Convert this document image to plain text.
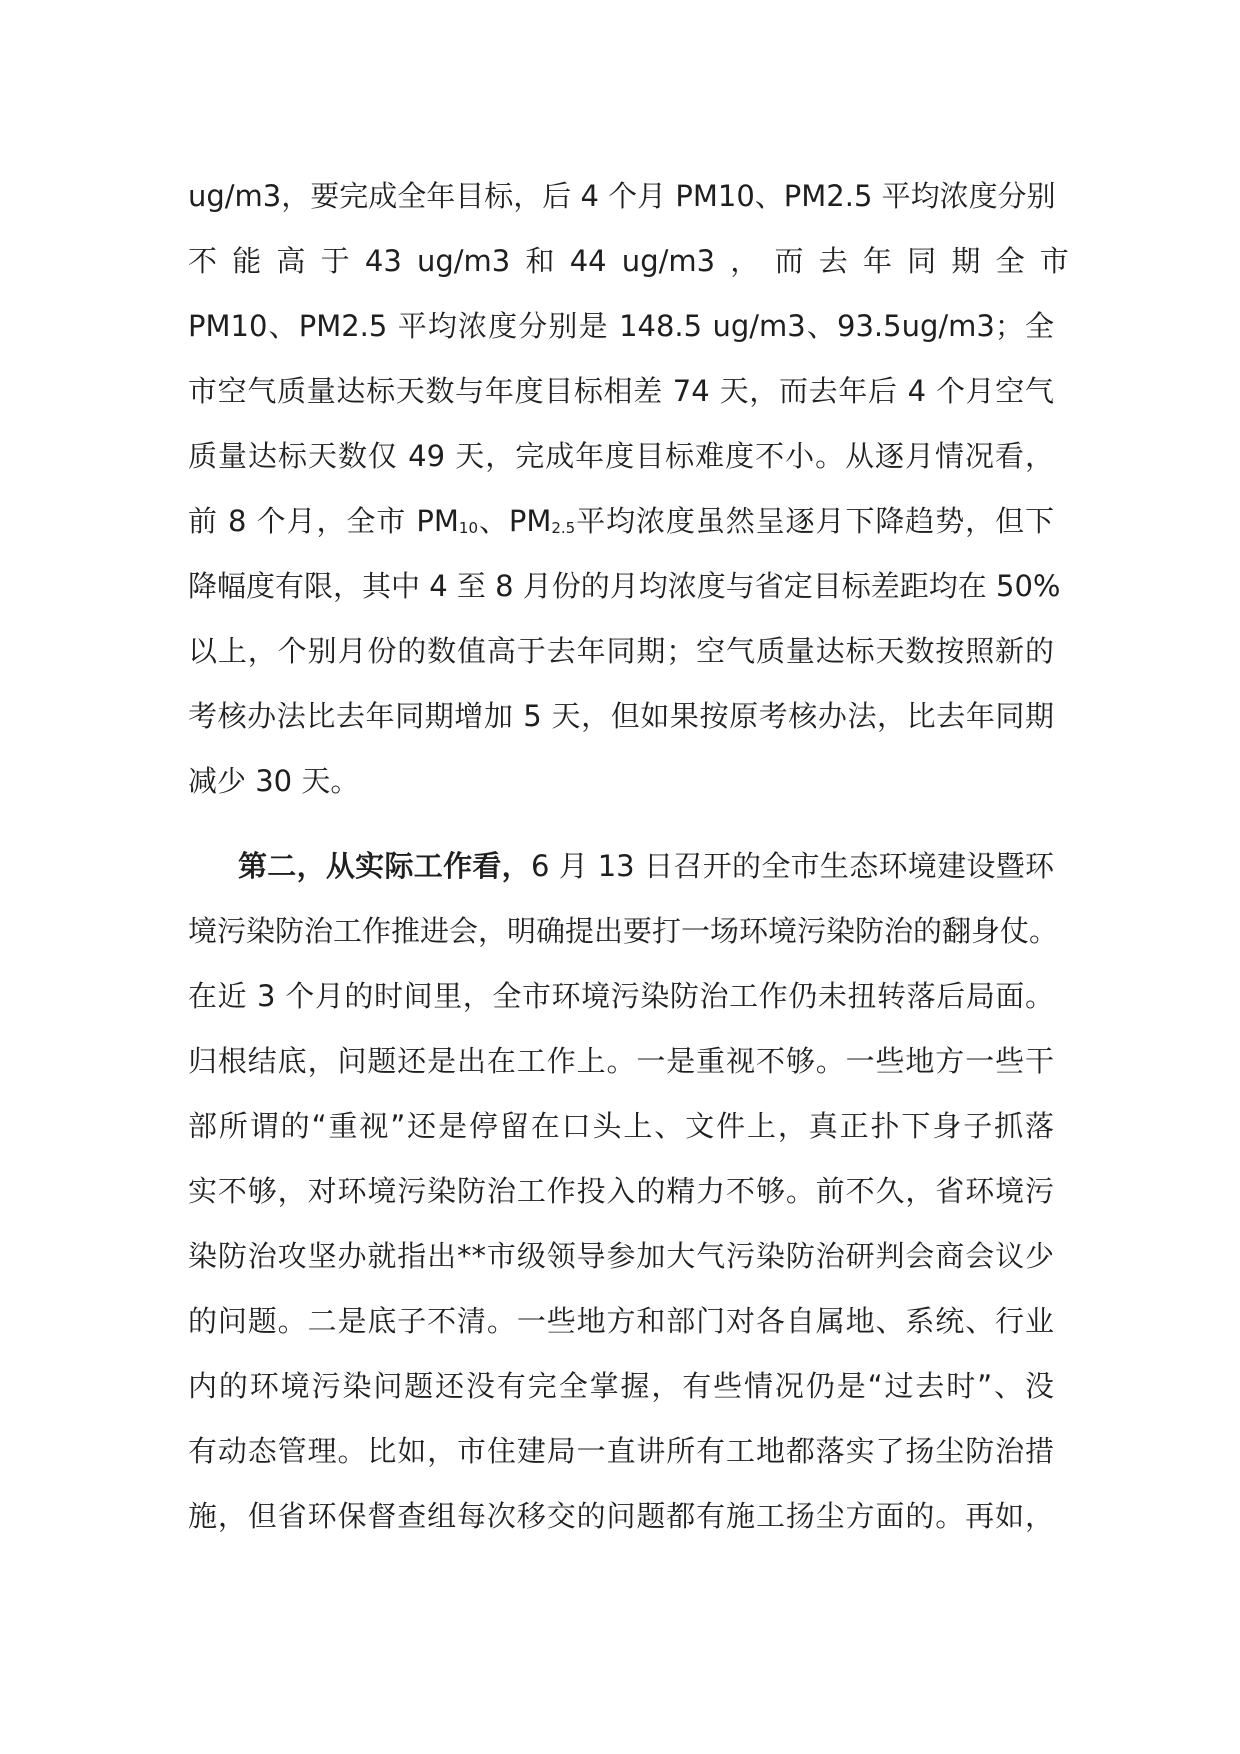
ug/m3，要完成全年目标，后 4 个月 PM10、PM2.5 平均浓度分别
不 能 高 于 43 ug/m3 和 44 ug/m3 ， 而 去 年 同 期 全 市
PM10、PM2.5 平均浓度分别是 148.5 ug/m3、93.5ug/m3；全
市空气质量达标天数与年度目标相差 74 天，而去年后 4 个月空气
质量达标天数仅 49 天，完成年度目标难度不小。从逐月情况看，
前 8 个月，全市 $PM_{10}$、$PM_{2.5}$平均浓度虽然呈逐月下降趋势，但下
降幅度有限，其中 4 至 8 月份的月均浓度与省定目标差距均在 50%
以上，个别月份的数值高于去年同期；空气质量达标天数按照新的
考核办法比去年同期增加 5 天，但如果按原考核办法，比去年同期
减少 30 天。
第二，从实际工作看，6 月 13 日召开的全市生态环境建设暨环
境污染防治工作推进会，明确提出要打一场环境污染防治的翻身仗。
在近 3 个月的时间里，全市环境污染防治工作仍未扭转落后局面。
归根结底，问题还是出在工作上。一是重视不够。一些地方一些干
部所谓的“重视”还是停留在口头上、文件上，真正扑下身子抓落
实不够，对环境污染防治工作投入的精力不够。前不久，省环境污
染防治攻坚办就指出**市级领导参加大气污染防治研判会商会议少
的问题。二是底子不清。一些地方和部门对各自属地、系统、行业
内的环境污染问题还没有完全掌握，有些情况仍是“过去时”、没
有动态管理。比如，市住建局一直讲所有工地都落实了扬尘防治措
施，但省环保督查组每次移交的问题都有施工扬尘方面的。再如，
